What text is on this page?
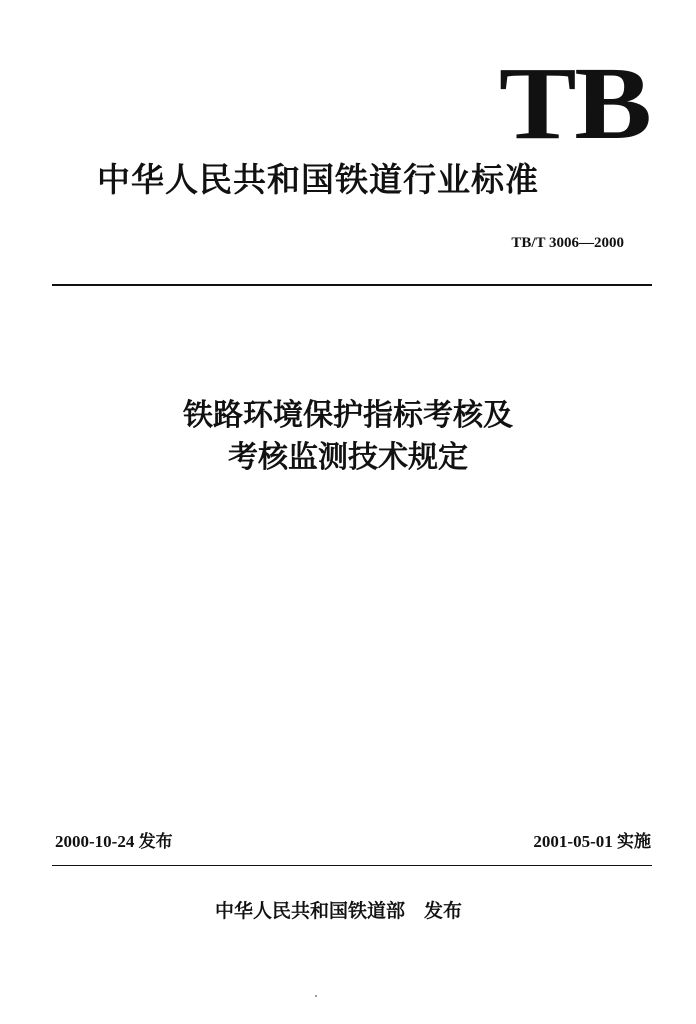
TB
中华人民共和国铁道行业标准
TB/T 3006—2000
铁路环境保护指标考核及
考核监测技术规定
2000-10-24 发布	2001-05-01 实施
中华人民共和国铁道部　发布
